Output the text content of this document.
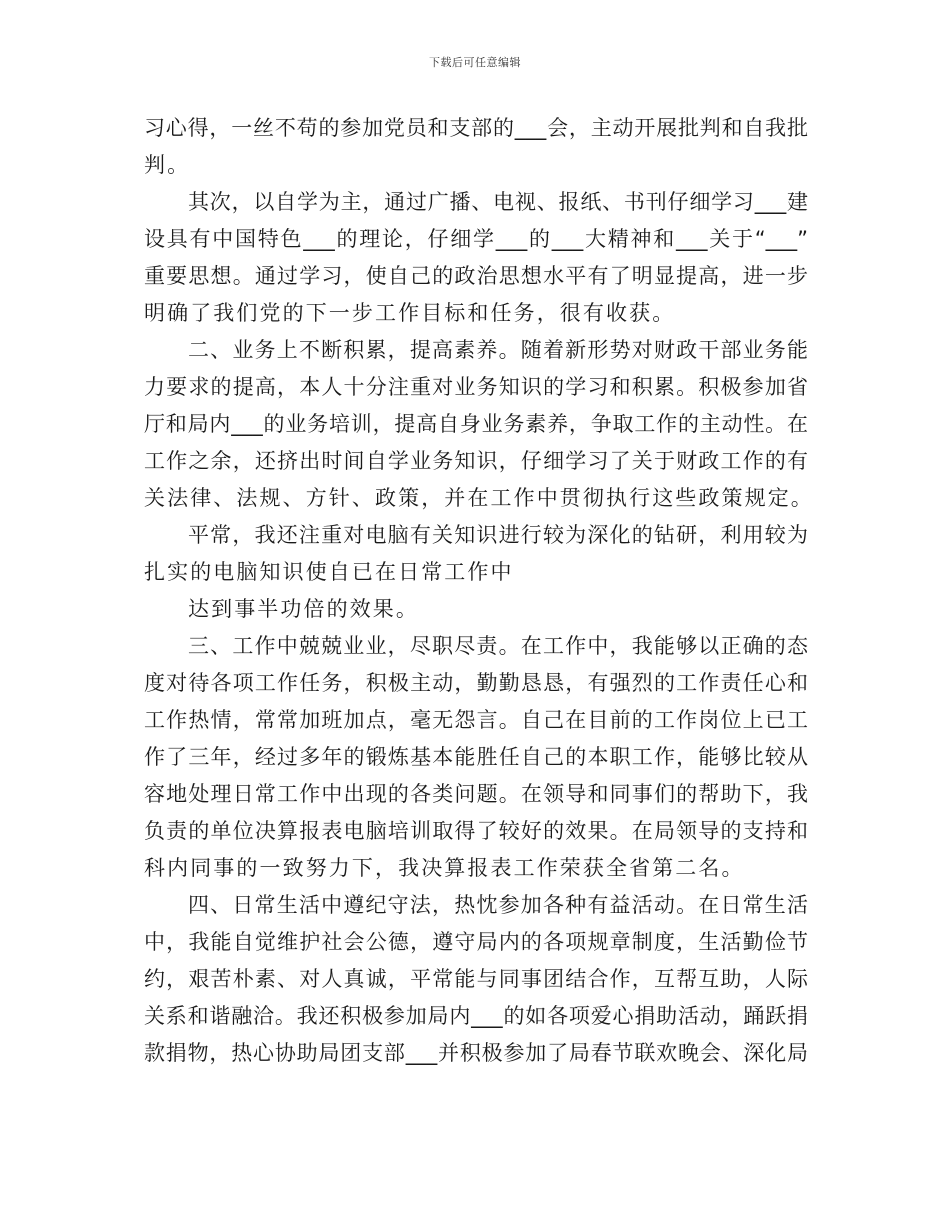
下载后可任意编辑
习心得，一丝不苟的参加党员和支部的___会，主动开展批判和自我批
判。
其次，以自学为主，通过广播、电视、报纸、书刊仔细学习___建
设具有中国特色___的理论，仔细学___的___大精神和___关于“___”
重要思想。通过学习，使自己的政治思想水平有了明显提高，进一步
明确了我们党的下一步工作目标和任务，很有收获。
二、业务上不断积累，提高素养。随着新形势对财政干部业务能
力要求的提高，本人十分注重对业务知识的学习和积累。积极参加省
厅和局内___的业务培训，提高自身业务素养，争取工作的主动性。在
工作之余，还挤出时间自学业务知识，仔细学习了关于财政工作的有
关法律、法规、方针、政策，并在工作中贯彻执行这些政策规定。
平常，我还注重对电脑有关知识进行较为深化的钻研，利用较为
扎实的电脑知识使自已在日常工作中
达到事半功倍的效果。
三、工作中兢兢业业，尽职尽责。在工作中，我能够以正确的态
度对待各项工作任务，积极主动，勤勤恳恳，有强烈的工作责任心和
工作热情，常常加班加点，毫无怨言。自己在目前的工作岗位上已工
作了三年，经过多年的锻炼基本能胜任自己的本职工作，能够比较从
容地处理日常工作中出现的各类问题。在领导和同事们的帮助下，我
负责的单位决算报表电脑培训取得了较好的效果。在局领导的支持和
科内同事的一致努力下，我决算报表工作荣获全省第二名。
四、日常生活中遵纪守法，热忱参加各种有益活动。在日常生活
中，我能自觉维护社会公德，遵守局内的各项规章制度，生活勤俭节
约，艰苦朴素、对人真诚，平常能与同事团结合作，互帮互助，人际
关系和谐融洽。我还积极参加局内___的如各项爱心捐助活动，踊跃捐
款捐物，热心协助局团支部___并积极参加了局春节联欢晚会、深化局
